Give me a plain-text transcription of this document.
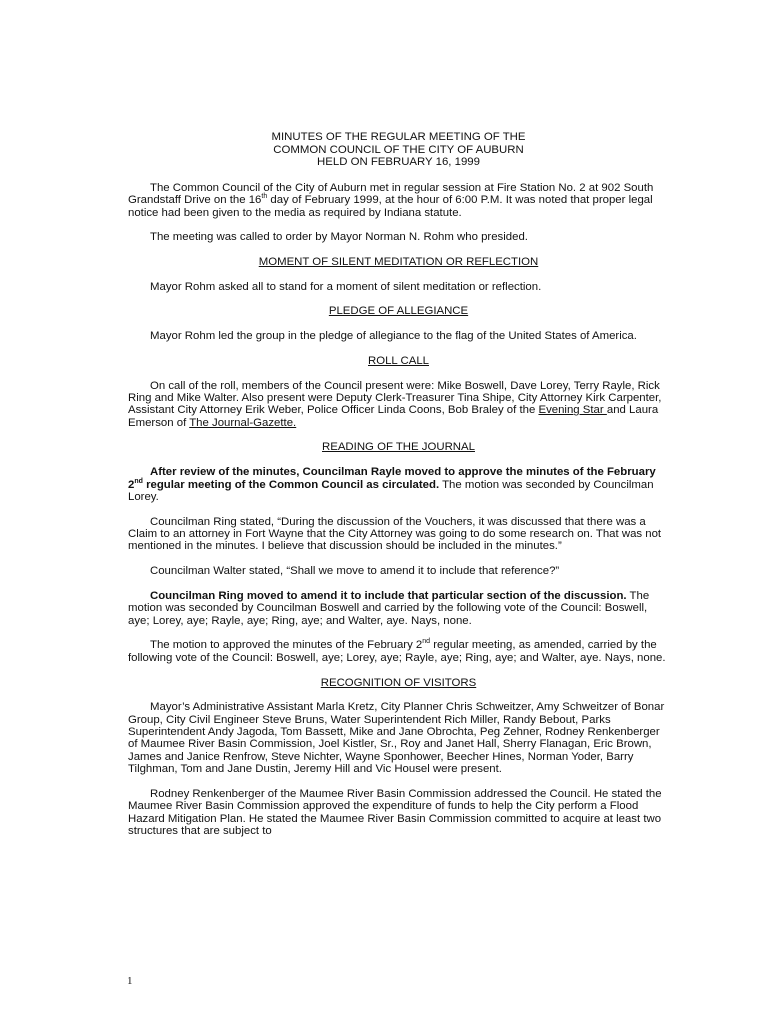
MINUTES OF THE REGULAR MEETING OF THE
COMMON COUNCIL OF THE CITY OF AUBURN
HELD ON FEBRUARY 16, 1999

The Common Council of the City of Auburn met in regular session at Fire Station No. 2 at 902 South Grandstaff Drive on the 16th day of February 1999, at the hour of 6:00 P.M. It was noted that proper legal notice had been given to the media as required by Indiana statute.

The meeting was called to order by Mayor Norman N. Rohm who presided.

MOMENT OF SILENT MEDITATION OR REFLECTION

Mayor Rohm asked all to stand for a moment of silent meditation or reflection.

PLEDGE OF ALLEGIANCE

Mayor Rohm led the group in the pledge of allegiance to the flag of the United States of America.

ROLL CALL

On call of the roll, members of the Council present were: Mike Boswell, Dave Lorey, Terry Rayle, Rick Ring and Mike Walter. Also present were Deputy Clerk-Treasurer Tina Shipe, City Attorney Kirk Carpenter, Assistant City Attorney Erik Weber, Police Officer Linda Coons, Bob Braley of the Evening Star and Laura Emerson of The Journal-Gazette.

READING OF THE JOURNAL

After review of the minutes, Councilman Rayle moved to approve the minutes of the February 2nd regular meeting of the Common Council as circulated. The motion was seconded by Councilman Lorey.

Councilman Ring stated, “During the discussion of the Vouchers, it was discussed that there was a Claim to an attorney in Fort Wayne that the City Attorney was going to do some research on. That was not mentioned in the minutes. I believe that discussion should be included in the minutes.”

Councilman Walter stated, “Shall we move to amend it to include that reference?”

Councilman Ring moved to amend it to include that particular section of the discussion. The motion was seconded by Councilman Boswell and carried by the following vote of the Council: Boswell, aye; Lorey, aye; Rayle, aye; Ring, aye; and Walter, aye. Nays, none.

The motion to approved the minutes of the February 2nd regular meeting, as amended, carried by the following vote of the Council: Boswell, aye; Lorey, aye; Rayle, aye; Ring, aye; and Walter, aye. Nays, none.

RECOGNITION OF VISITORS

Mayor’s Administrative Assistant Marla Kretz, City Planner Chris Schweitzer, Amy Schweitzer of Bonar Group, City Civil Engineer Steve Bruns, Water Superintendent Rich Miller, Randy Bebout, Parks Superintendent Andy Jagoda, Tom Bassett, Mike and Jane Obrochta, Peg Zehner, Rodney Renkenberger of Maumee River Basin Commission, Joel Kistler, Sr., Roy and Janet Hall, Sherry Flanagan, Eric Brown, James and Janice Renfrow, Steve Nichter, Wayne Sponhower, Beecher Hines, Norman Yoder, Barry Tilghman, Tom and Jane Dustin, Jeremy Hill and Vic Housel were present.

Rodney Renkenberger of the Maumee River Basin Commission addressed the Council. He stated the Maumee River Basin Commission approved the expenditure of funds to help the City perform a Flood Hazard Mitigation Plan. He stated the Maumee River Basin Commission committed to acquire at least two structures that are subject to

1
